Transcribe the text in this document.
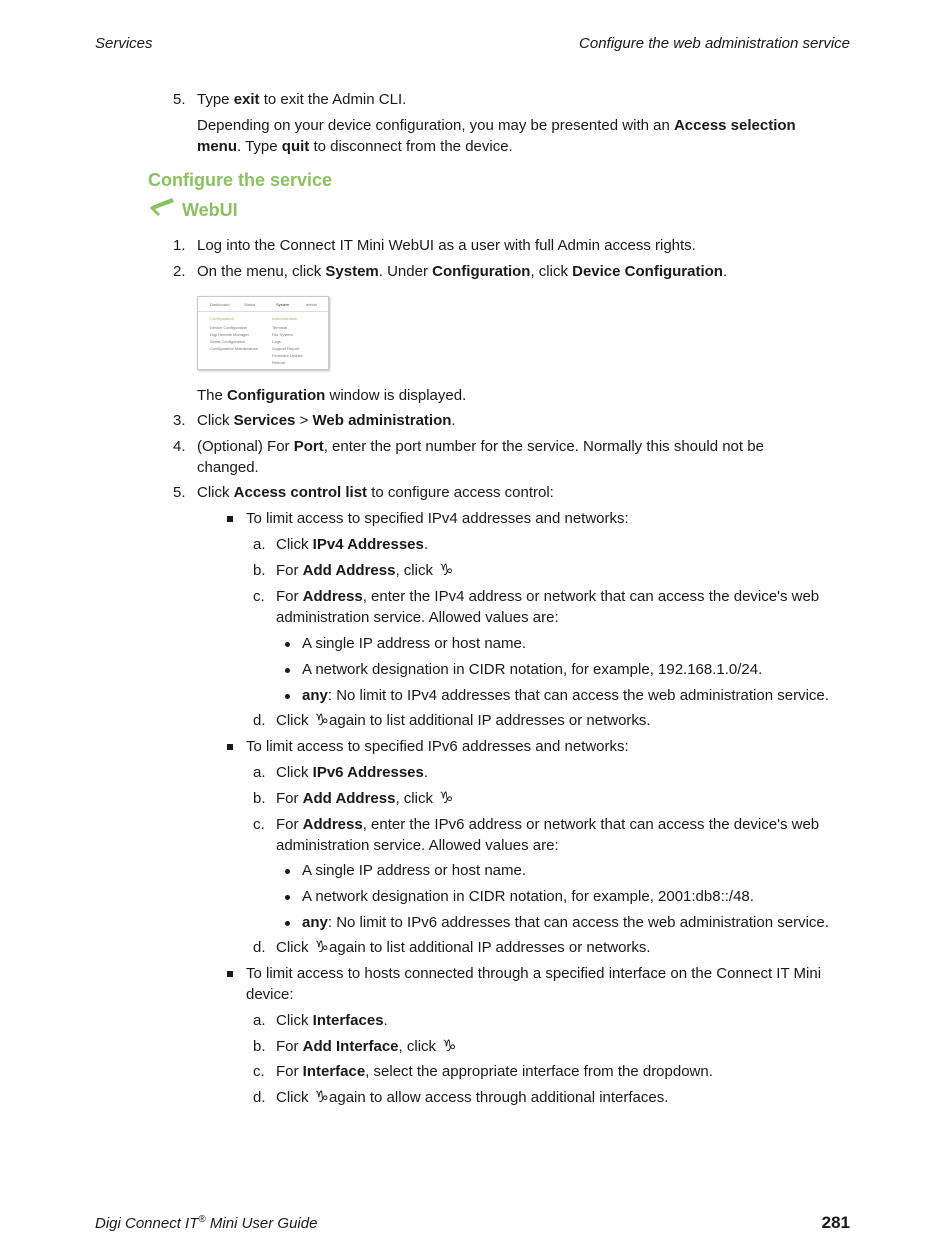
Services	Configure the web administration service
5. Type exit to exit the Admin CLI.
Depending on your device configuration, you may be presented with an Access selection
menu. Type quit to disconnect from the device.
Configure the service
WebUI
1. Log into the Connect IT Mini WebUI as a user with full Admin access rights.
2. On the menu, click System. Under Configuration, click Device Configuration.
Dashboard	Status	System	admin
Configuration	Administration
Device Configuration
Digi Remote Manager
Serial Configuration
Configuration Maintenance
Terminal
File System
Logs
Support Report
Firmware Update
Reboot
The Configuration window is displayed.
3. Click Services > Web administration.
4. (Optional) For Port, enter the port number for the service. Normally this should not be
changed.
5. Click Access control list to configure access control:
To limit access to specified IPv4 addresses and networks:
a. Click IPv4 Addresses.
b. For Add Address, click ♑
c. For Address, enter the IPv4 address or network that can access the device's web
administration service. Allowed values are:
A single IP address or host name.
A network designation in CIDR notation, for example, 192.168.1.0/24.
any: No limit to IPv4 addresses that can access the web administration service.
d. Click ♑again to list additional IP addresses or networks.
To limit access to specified IPv6 addresses and networks:
a. Click IPv6 Addresses.
b. For Add Address, click ♑
c. For Address, enter the IPv6 address or network that can access the device's web
administration service. Allowed values are:
A single IP address or host name.
A network designation in CIDR notation, for example, 2001:db8::/48.
any: No limit to IPv6 addresses that can access the web administration service.
d. Click ♑again to list additional IP addresses or networks.
To limit access to hosts connected through a specified interface on the Connect IT Mini
device:
a. Click Interfaces.
b. For Add Interface, click ♑
c. For Interface, select the appropriate interface from the dropdown.
d. Click ♑again to allow access through additional interfaces.
Digi Connect IT® Mini User Guide	281
